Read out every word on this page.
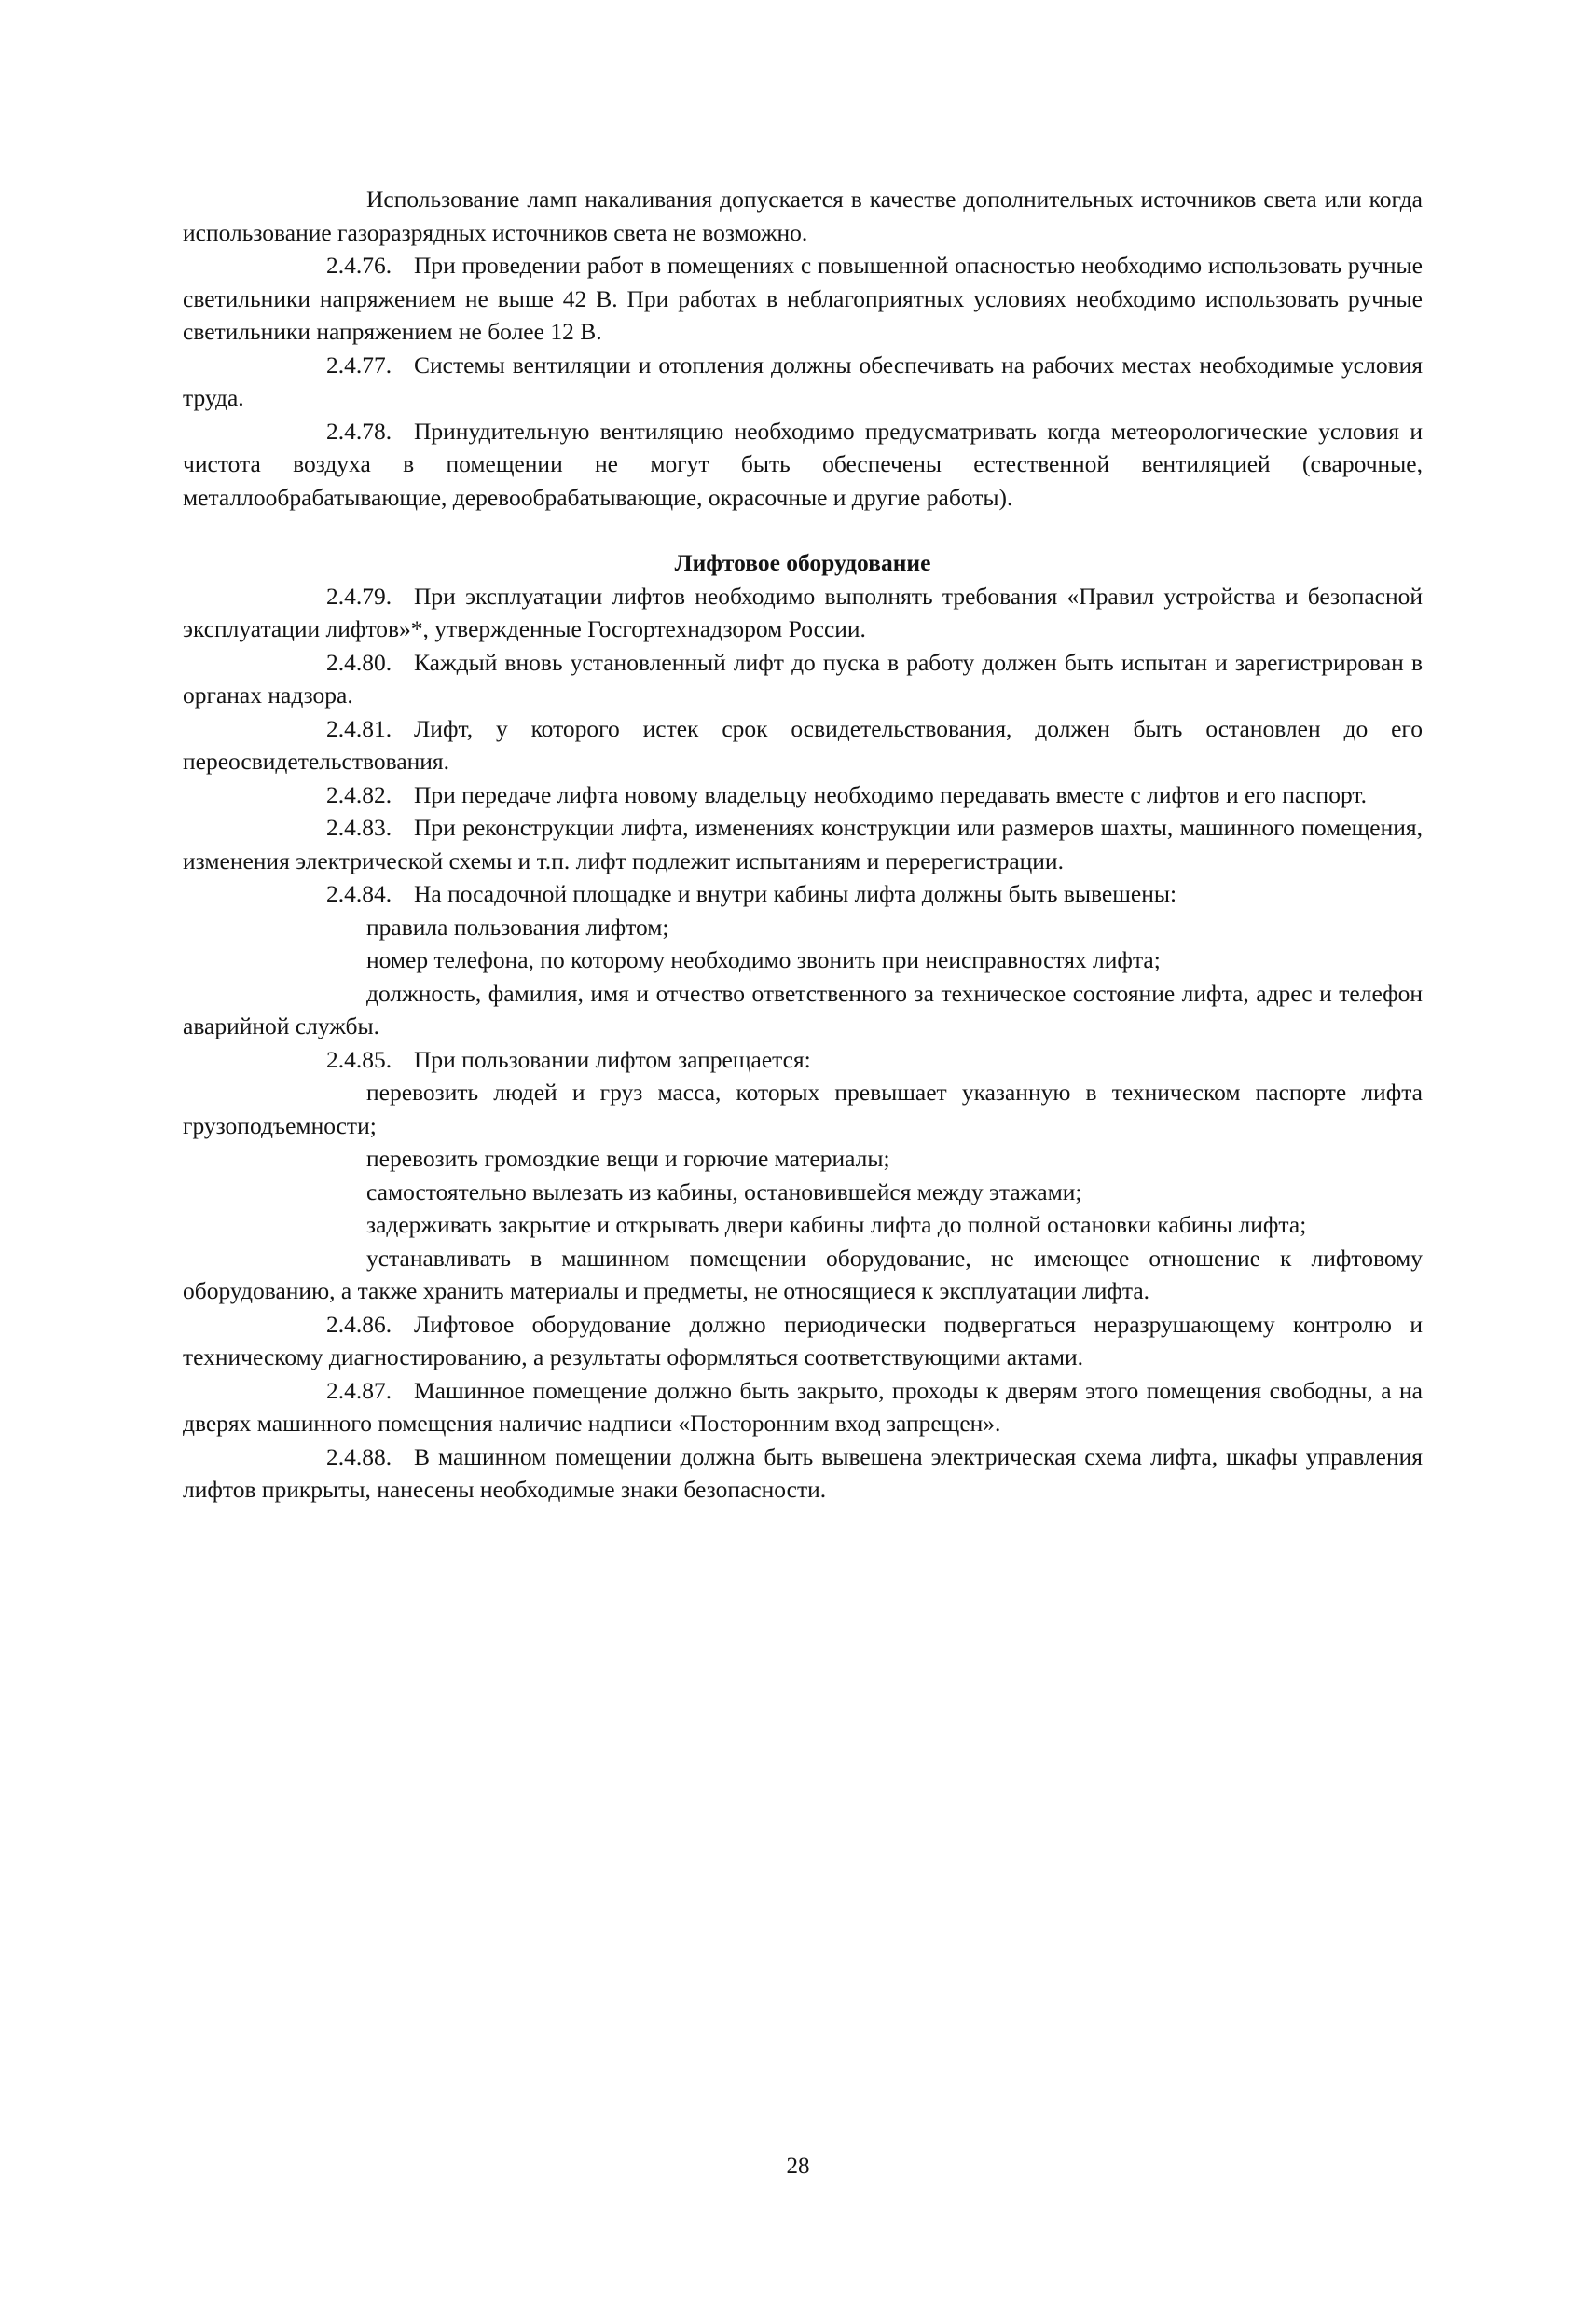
Использование ламп накаливания допускается в качестве дополнительных источников света или когда использование газоразрядных источников света не возможно.

2.4.76. При проведении работ в помещениях с повышенной опасностью необходимо использовать ручные светильники напряжением не выше 42 В. При работах в неблагоприятных условиях необходимо использовать ручные светильники напряжением не более 12 В.

2.4.77. Системы вентиляции и отопления должны обеспечивать на рабочих местах необходимые условия труда.

2.4.78. Принудительную вентиляцию необходимо предусматривать когда метеорологические условия и чистота воздуха в помещении не могут быть обеспечены естественной вентиляцией (сварочные, металлообрабатывающие, деревообрабатывающие, окрасочные и другие работы).

Лифтовое оборудование

2.4.79. При эксплуатации лифтов необходимо выполнять требования «Правил устройства и безопасной эксплуатации лифтов»*, утвержденные Госгортехнадзором России.

2.4.80. Каждый вновь установленный лифт до пуска в работу должен быть испытан и зарегистрирован в органах надзора.

2.4.81. Лифт, у которого истек срок освидетельствования, должен быть остановлен до его переосвидетельствования.

2.4.82. При передаче лифта новому владельцу необходимо передавать вместе с лифтов и его паспорт.

2.4.83. При реконструкции лифта, изменениях конструкции или размеров шахты, машинного помещения, изменения электрической схемы и т.п. лифт подлежит испытаниям и перерегистрации.

2.4.84. На посадочной площадке и внутри кабины лифта должны быть вывешены:

правила пользования лифтом;

номер телефона, по которому необходимо звонить при неисправностях лифта;

должность, фамилия, имя и отчество ответственного за техническое состояние лифта, адрес и телефон аварийной службы.

2.4.85. При пользовании лифтом запрещается:

перевозить людей и груз масса, которых превышает указанную в техническом паспорте лифта грузоподъемности;

перевозить громоздкие вещи и горючие материалы;

самостоятельно вылезать из кабины, остановившейся между этажами;

задерживать закрытие и открывать двери кабины лифта до полной остановки кабины лифта;

устанавливать в машинном помещении оборудование, не имеющее отношение к лифтовому оборудованию, а также хранить материалы и предметы, не относящиеся к эксплуатации лифта.

2.4.86. Лифтовое оборудование должно периодически подвергаться неразрушающему контролю и техническому диагностированию, а результаты оформляться соответствующими актами.

2.4.87. Машинное помещение должно быть закрыто, проходы к дверям этого помещения свободны, а на дверях машинного помещения наличие надписи «Посторонним вход запрещен».

2.4.88. В машинном помещении должна быть вывешена электрическая схема лифта, шкафы управления лифтов прикрыты, нанесены необходимые знаки безопасности.

28
